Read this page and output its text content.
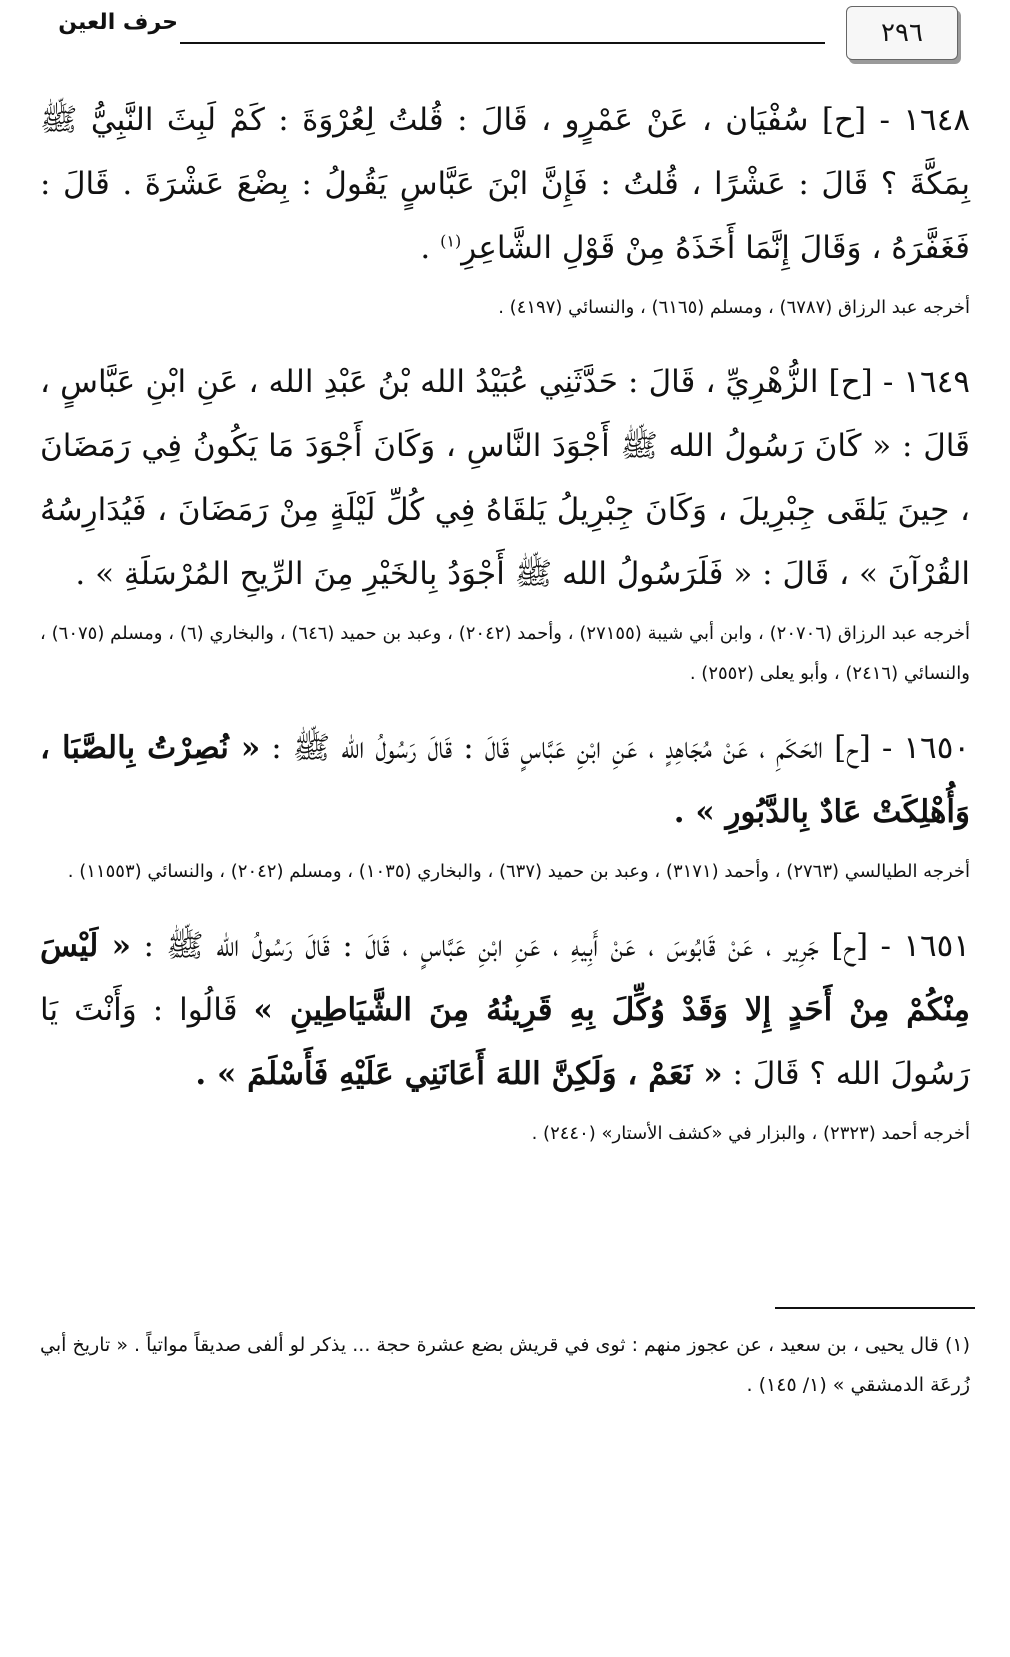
٢٩٦
حرف العين

١٦٤٨ - [ح] سُفْيَان ، عَنْ عَمْرٍو ، قَالَ : قُلتُ لِعُرْوَةَ : كَمْ لَبِثَ النَّبِيُّ ﷺ بِمَكَّةَ ؟ قَالَ : عَشْرًا ، قُلتُ : فَإِنَّ ابْنَ عَبَّاسٍ يَقُولُ : بِضْعَ عَشْرَةَ . قَالَ : فَغَفَّرَهُ ، وَقَالَ إِنَّمَا أَخَذَهُ مِنْ قَوْلِ الشَّاعِرِ$^{(١)}$ .

أخرجه عبد الرزاق (٦٧٨٧) ، ومسلم (٦١٦٥) ، والنسائي (٤١٩٧) .

١٦٤٩ - [ح] الزُّهْرِيِّ ، قَالَ : حَدَّثَنِي عُبَيْدُ الله بْنُ عَبْدِ الله ، عَنِ ابْنِ عَبَّاسٍ ، قَالَ : « كَانَ رَسُولُ الله ﷺ أَجْوَدَ النَّاسِ ، وَكَانَ أَجْوَدَ مَا يَكُونُ فِي رَمَضَانَ ، حِينَ يَلقَى جِبْرِيلَ ، وَكَانَ جِبْرِيلُ يَلقَاهُ فِي كُلِّ لَيْلَةٍ مِنْ رَمَضَانَ ، فَيُدَارِسُهُ القُرْآنَ » ، قَالَ : « فَلَرَسُولُ الله ﷺ أَجْوَدُ بِالخَيْرِ مِنَ الرِّيحِ المُرْسَلَةِ » .

أخرجه عبد الرزاق (٢٠٧٠٦) ، وابن أبي شيبة (٢٧١٥٥) ، وأحمد (٢٠٤٢) ، وعبد بن حميد (٦٤٦) ، والبخاري (٦) ، ومسلم (٦٠٧٥) ، والنسائي (٢٤١٦) ، وأبو يعلى (٢٥٥٢) .

١٦٥٠ - [ح] الحَكَمِ ، عَنْ مُجَاهِدٍ ، عَنِ ابْنِ عَبَّاسٍ قَالَ : قَالَ رَسُولُ الله ﷺ : « نُصِرْتُ بِالصَّبَا ، وَأُهْلِكَتْ عَادٌ بِالدَّبُورِ » .

أخرجه الطيالسي (٢٧٦٣) ، وأحمد (٣١٧١) ، وعبد بن حميد (٦٣٧) ، والبخاري (١٠٣٥) ، ومسلم (٢٠٤٢) ، والنسائي (١١٥٥٣) .

١٦٥١ - [ح] جَرِير ، عَنْ قَابُوسَ ، عَنْ أَبِيهِ ، عَنِ ابْنِ عَبَّاسٍ ، قَالَ : قَالَ رَسُولُ الله ﷺ : « لَيْسَ مِنْكُمْ مِنْ أَحَدٍ إِلا وَقَدْ وُكِّلَ بِهِ قَرِينُهُ مِنَ الشَّيَاطِينِ » قَالُوا : وَأَنْتَ يَا رَسُولَ الله ؟ قَالَ : « نَعَمْ ، وَلَكِنَّ اللهَ أَعَانَنِي عَلَيْهِ فَأَسْلَمَ » .

أخرجه أحمد (٢٣٢٣) ، والبزار في «كشف الأستار» (٢٤٤٠) .

(١) قال يحيى ، بن سعيد ، عن عجوز منهم : ثوى في قريش بضع عشرة حجة ... يذكر لو ألفى صديقاً مواتياً . « تاريخ أبي زُرعَة الدمشقي » (١/ ١٤٥) .
